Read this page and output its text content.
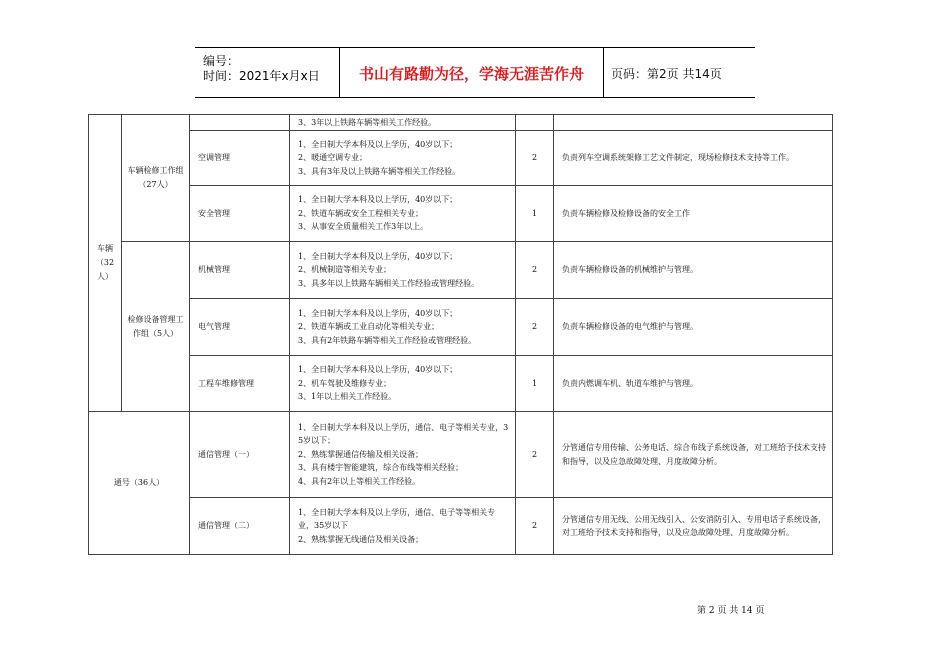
编号：
时间：2021年x月x日	书山有路勤为径，学海无涯苦作舟	页码：第2页 共14页
车辆（32人）	车辆检修工作组（27人）		3、3年以上铁路车辆等相关工作经验。		

		空调管理	1、全日制大学本科及以上学历，40岁以下；
2、暖通空调专业；
3、具有3年及以上铁路车辆等相关工作经验。	2	负责列车空调系统架修工艺文件制定，现场检修技术支持等工作。
		安全管理	1、全日制大学本科及以上学历，40岁以下；
2、铁道车辆或安全工程相关专业；
3、从事安全质量相关工作3年以上。	1	负责车辆检修及检修设备的安全工作

	检修设备管理工作组（5人）	机械管理	1、全日制大学本科及以上学历，40岁以下；
2、机械制造等相关专业；
3、具多年以上铁路车辆相关工作经验或管理经验。	2	负责车辆检修设备的机械维护与管理。
		电气管理	1、全日制大学本科及以上学历，40岁以下；
2、铁道车辆或工业自动化等相关专业；
3、具有2年铁路车辆等相关工作经验或管理经验。	2	负责车辆检修设备的电气维护与管理。
		工程车维修管理	1、全日制大学本科及以上学历，40岁以下；
2、机车驾驶及维修专业；
3、1年以上相关工作经验。	1	负责内燃调车机、轨道车维护与管理。
通号（36人）		通信管理（一）	1、全日制大学本科及以上学历，通信、电子等相关专业，35岁以下；
2、熟练掌握通信传输及相关设备；
3、具有楼宇智能建筑，综合布线等相关经验；
4、具有2年以上等相关工作经验。	2	分管通信专用传输、公务电话、综合布线子系统设备，对工班给予技术支持和指导，以及应急故障处理、月度故障分析。
		通信管理（二）	1、全日制大学本科及以上学历，通信、电子等等相关专业，35岁以下
2、熟练掌握无线通信及相关设备；	2	分管通信专用无线、公用无线引入、公安消防引入、专用电话子系统设备，对工班给予技术支持和指导，以及应急故障处理、月度故障分析。
第 2 页 共 14 页
